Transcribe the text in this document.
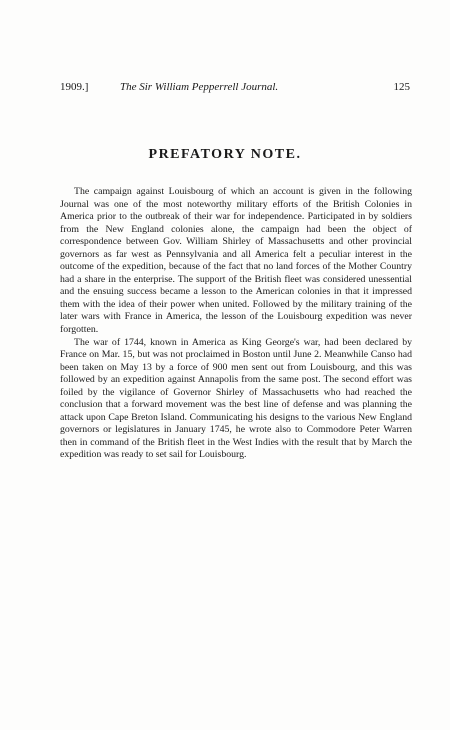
1909.]	The Sir William Pepperrell Journal.	125
PREFATORY NOTE.

The campaign against Louisbourg of which an account is given in the following Journal was one of the most noteworthy military efforts of the British Colonies in America prior to the outbreak of their war for independence. Participated in by soldiers from the New England colonies alone, the campaign had been the object of correspondence between Gov. William Shirley of Massachusetts and other provincial governors as far west as Pennsylvania and all America felt a peculiar interest in the outcome of the expedition, because of the fact that no land forces of the Mother Country had a share in the enterprise. The support of the British fleet was considered unessential and the ensuing success became a lesson to the American colonies in that it impressed them with the idea of their power when united. Followed by the military training of the later wars with France in America, the lesson of the Louisbourg expedition was never forgotten.

The war of 1744, known in America as King George's war, had been declared by France on Mar. 15, but was not proclaimed in Boston until June 2. Meanwhile Canso had been taken on May 13 by a force of 900 men sent out from Louisbourg, and this was followed by an expedition against Annapolis from the same post. The second effort was foiled by the vigilance of Governor Shirley of Massachusetts who had reached the conclusion that a forward movement was the best line of defense and was planning the attack upon Cape Breton Island. Communicating his designs to the various New England governors or legislatures in January 1745, he wrote also to Commodore Peter Warren then in command of the British fleet in the West Indies with the result that by March the expedition was ready to set sail for Louisbourg.
